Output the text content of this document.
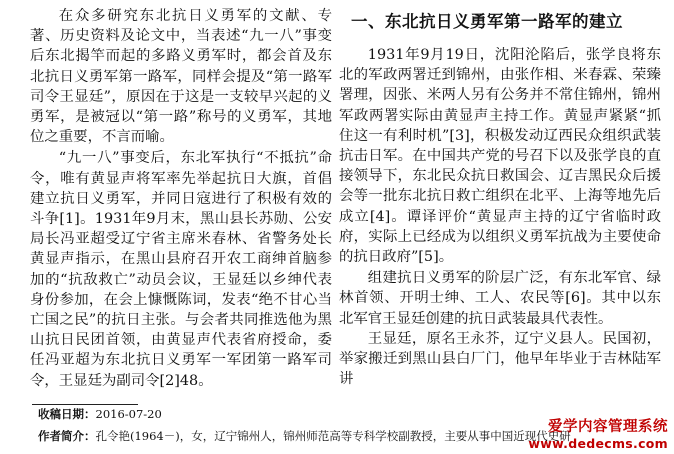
在众多研究东北抗日义勇军的文献、专著、历史资料及论文中，当表述“九一八”事变后东北揭竿而起的多路义勇军时，都会首及东北抗日义勇军第一路军，同样会提及“第一路军司令王显廷”，原因在于这是一支较早兴起的义勇军，是被冠以“第一路”称号的义勇军，其地位之重要，不言而喻。

“九一八”事变后，东北军执行“不抵抗”命令，唯有黄显声将军率先举起抗日大旗，首倡建立抗日义勇军，并同日寇进行了积极有效的斗争[1]。1931年9月末，黑山县长苏勋、公安局长冯亚超受辽宁省主席米春林、省警务处长黄显声指示，在黑山县府召开农工商绅首脑参加的“抗敌救亡”动员会议，王显廷以乡绅代表身份参加，在会上慷慨陈词，发表“绝不甘心当亡国之民”的抗日主张。与会者共同推选他为黑山抗日民团首领，由黄显声代表省府授命，委任冯亚超为东北抗日义勇军一军团第一路军司令，王显廷为副司令[2]48。

一、东北抗日义勇军第一路军的建立

1931年9月19日，沈阳沦陷后，张学良将东北的军政两署迁到锦州，由张作相、米春霖、荣臻署理，因张、米两人另有公务并不常住锦州，锦州军政两署实际由黄显声主持工作。黄显声紧紧“抓住这一有利时机”[3]，积极发动辽西民众组织武装抗击日军。在中国共产党的号召下以及张学良的直接领导下，东北民众抗日救国会、辽吉黑民众后援会等一批东北抗日救亡组织在北平、上海等地先后成立[4]。谭译评价“黄显声主持的辽宁省临时政府，实际上已经成为以组织义勇军抗战为主要使命的抗日政府”[5]。

组建抗日义勇军的阶层广泛，有东北军官、绿林首领、开明士绅、工人、农民等[6]。其中以东北军官王显廷创建的抗日武装最具代表性。

王显廷，原名王永芥，辽宁义县人。民国初，举家搬迁到黑山县白厂门，他早年毕业于吉林陆军讲

收稿日期：2016-07-20
作者简介：孔令艳(1964－)，女，辽宁锦州人，锦州师范高等专科学校副教授，主要从事中国近现代史研
爱学内容管理系统
www.dedecms.com
